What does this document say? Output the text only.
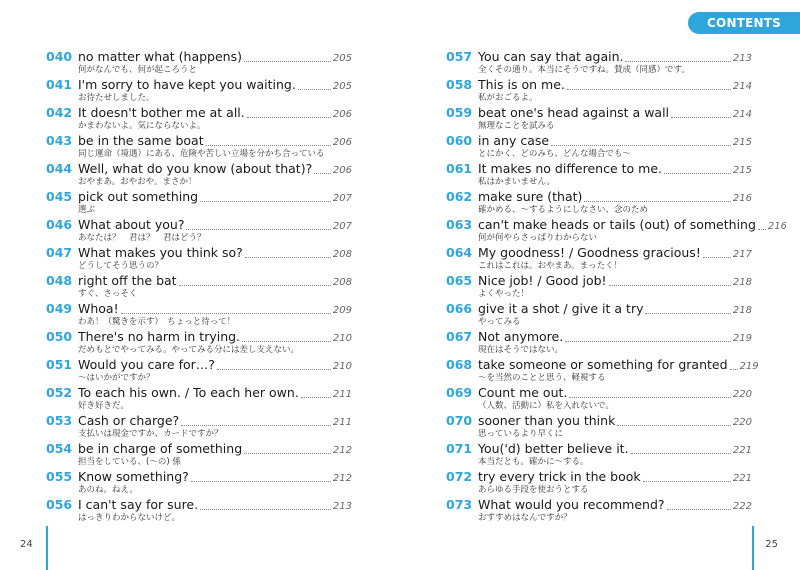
040 no matter what (happens)	205
何がなんでも、何が起ころうと
041 I'm sorry to have kept you waiting.	205
お待たせしました。
042 It doesn't bother me at all.	206
かまわないよ。気にならないよ。
043 be in the same boat	206
同じ運命（境遇）にある、危険や苦しい立場を分かち合っている
044 Well, what do you know (about that)? 206
おやまあ。おやおや。まさか！
045 pick out something	207
選ぶ
046 What about you?	207
あなたは？　君は？　君はどう？
047 What makes you think so?	208
どうしてそう思うの？
048 right off the bat	208
すぐ、さっそく
049 Whoa!	209
わあ！（驚きを示す）　ちょっと待って！
050 There's no harm in trying.	210
だめもとでやってみる。やってみる分には差し支えない。
051 Would you care for…?	210
〜はいかがですか？
052 To each his own. / To each her own.	211
好き好きだ。
053 Cash or charge?	211
支払いは現金ですか、カードですか？
054 be in charge of something	212
担当をしている、(〜の) 係
055 Know something?	212
あのね。ねえ。
056 I can't say for sure.	213
はっきりわからないけど。
24
CONTENTS
057 You can say that again.	213
全くその通り。本当にそうですね。賛成（同感）です。
058 This is on me.	214
私がおごるよ。
059 beat one's head against a wall	214
無理なことを試みる
060 in any case	215
とにかく、どのみち、どんな場合でも〜
061 It makes no difference to me.	215
私はかまいません。
062 make sure (that)	216
確かめる、〜するようにしなさい、念のため
063 can't make heads or tails (out) of something 216
何が何やらさっぱりわからない
064 My goodness! / Goodness gracious!	217
これはこれは。おやまあ。まったく！
065 Nice job! / Good job!	218
よくやった！
066 give it a shot / give it a try	218
やってみる
067 Not anymore.	219
現在はそうではない。
068 take someone or something for granted 219
〜を当然のことと思う、軽視する
069 Count me out.	220
（人数、活動に）私を入れないで。
070 sooner than you think	220
思っているより早くに
071 You('d) better believe it.	221
本当だとも。確かに〜する。
072 try every trick in the book	221
あらゆる手段を使おうとする
073 What would you recommend?	222
おすすめはなんですか？
25
